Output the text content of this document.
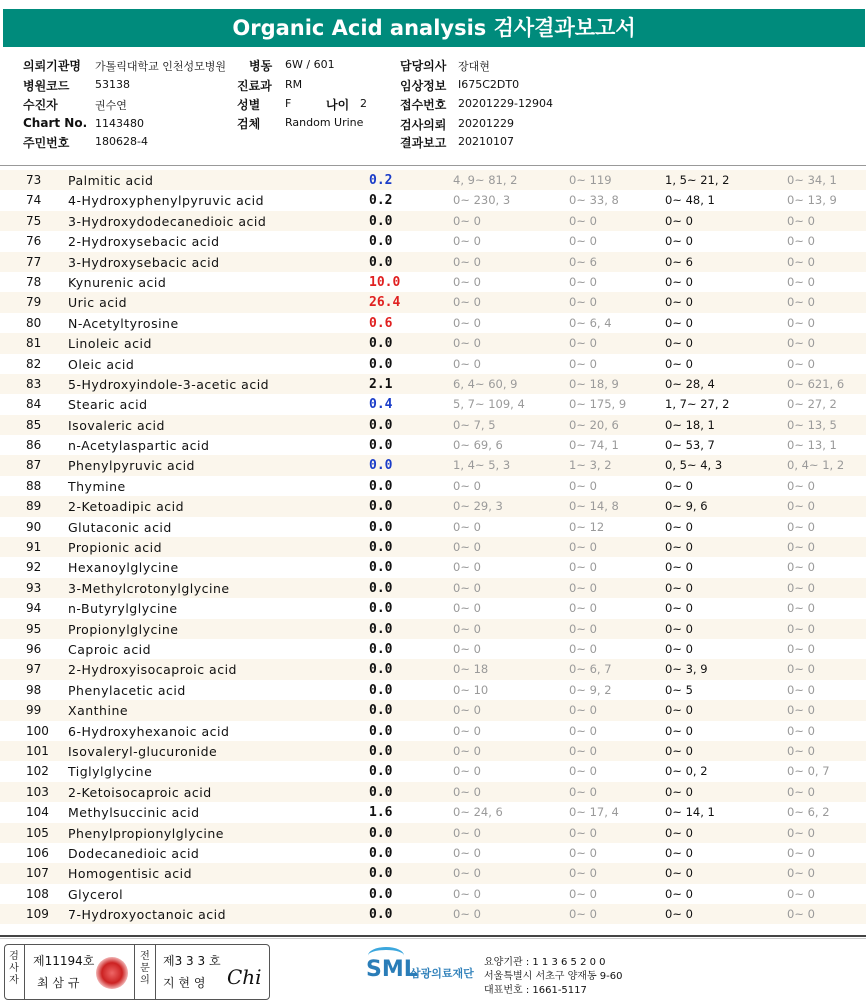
Organic Acid analysis 검사결과보고서
의뢰기관명 가톨릭대학교 인천성모병원
병원코드 53138
수진자	권수연
Chart No. 1143480
주민번호 180628-4
병동 6W / 601
진료과 RM
성별 F	나이 2
검체 Random Urine
담당의사 장대현
임상정보 I675C2DT0
접수번호 20201229-12904
검사의뢰 20201229
결과보고 20210107
73 Palmitic acid	0.2	4, 9~ 81, 2	0~ 119	1, 5~ 21, 2	0~ 34, 1
74 4-Hydroxyphenylpyruvic acid	0.2	0~ 230, 3	0~ 33, 8	0~ 48, 1	0~ 13, 9
75 3-Hydroxydodecanedioic acid	0.0	0~ 0	0~ 0	0~ 0	0~ 0
76 2-Hydroxysebacic acid	0.0	0~ 0	0~ 0	0~ 0	0~ 0
77 3-Hydroxysebacic acid	0.0	0~ 0	0~ 6	0~ 6	0~ 0
78 Kynurenic acid	10.0	0~ 0	0~ 0	0~ 0	0~ 0
79 Uric acid	26.4	0~ 0	0~ 0	0~ 0	0~ 0
80 N-Acetyltyrosine	0.6	0~ 0	0~ 6, 4	0~ 0	0~ 0
81 Linoleic acid	0.0	0~ 0	0~ 0	0~ 0	0~ 0
82 Oleic acid	0.0	0~ 0	0~ 0	0~ 0	0~ 0
83 5-Hydroxyindole-3-acetic acid	2.1	6, 4~ 60, 9	0~ 18, 9	0~ 28, 4	0~ 621, 6
84 Stearic acid	0.4	5, 7~ 109, 4	0~ 175, 9	1, 7~ 27, 2	0~ 27, 2
85 Isovaleric acid	0.0	0~ 7, 5	0~ 20, 6	0~ 18, 1	0~ 13, 5
86 n-Acetylaspartic acid	0.0	0~ 69, 6	0~ 74, 1	0~ 53, 7	0~ 13, 1
87 Phenylpyruvic acid	0.0	1, 4~ 5, 3	1~ 3, 2	0, 5~ 4, 3	0, 4~ 1, 2
88 Thymine	0.0	0~ 0	0~ 0	0~ 0	0~ 0
89 2-Ketoadipic acid	0.0	0~ 29, 3	0~ 14, 8	0~ 9, 6	0~ 0
90 Glutaconic acid	0.0	0~ 0	0~ 12	0~ 0	0~ 0
91 Propionic acid	0.0	0~ 0	0~ 0	0~ 0	0~ 0
92 Hexanoylglycine	0.0	0~ 0	0~ 0	0~ 0	0~ 0
93 3-Methylcrotonylglycine	0.0	0~ 0	0~ 0	0~ 0	0~ 0
94 n-Butyrylglycine	0.0	0~ 0	0~ 0	0~ 0	0~ 0
95 Propionylglycine	0.0	0~ 0	0~ 0	0~ 0	0~ 0
96 Caproic acid	0.0	0~ 0	0~ 0	0~ 0	0~ 0
97 2-Hydroxyisocaproic acid	0.0	0~ 18	0~ 6, 7	0~ 3, 9	0~ 0
98 Phenylacetic acid	0.0	0~ 10	0~ 9, 2	0~ 5	0~ 0
99 Xanthine	0.0	0~ 0	0~ 0	0~ 0	0~ 0
100 6-Hydroxyhexanoic acid	0.0	0~ 0	0~ 0	0~ 0	0~ 0
101 Isovaleryl-glucuronide	0.0	0~ 0	0~ 0	0~ 0	0~ 0
102 Tiglylglycine	0.0	0~ 0	0~ 0	0~ 0, 2	0~ 0, 7
103 2-Ketoisocaproic acid	0.0	0~ 0	0~ 0	0~ 0	0~ 0
104 Methylsuccinic acid	1.6	0~ 24, 6	0~ 17, 4	0~ 14, 1	0~ 6, 2
105 Phenylpropionylglycine	0.0	0~ 0	0~ 0	0~ 0	0~ 0
106 Dodecanedioic acid	0.0	0~ 0	0~ 0	0~ 0	0~ 0
107 Homogentisic acid	0.0	0~ 0	0~ 0	0~ 0	0~ 0
108 Glycerol	0.0	0~ 0	0~ 0	0~ 0	0~ 0
109 7-Hydroxyoctanoic acid	0.0	0~ 0	0~ 0	0~ 0	0~ 0
검사자
제11194호
최 삼 규
전문의
제3 3 3 호
지 현 영 Chi	SML
삼광의료재단
요양기관 : 1 1 3 6 5 2 0 0
서울특별시 서초구 양재동 9-60
대표번호 : 1661-5117
